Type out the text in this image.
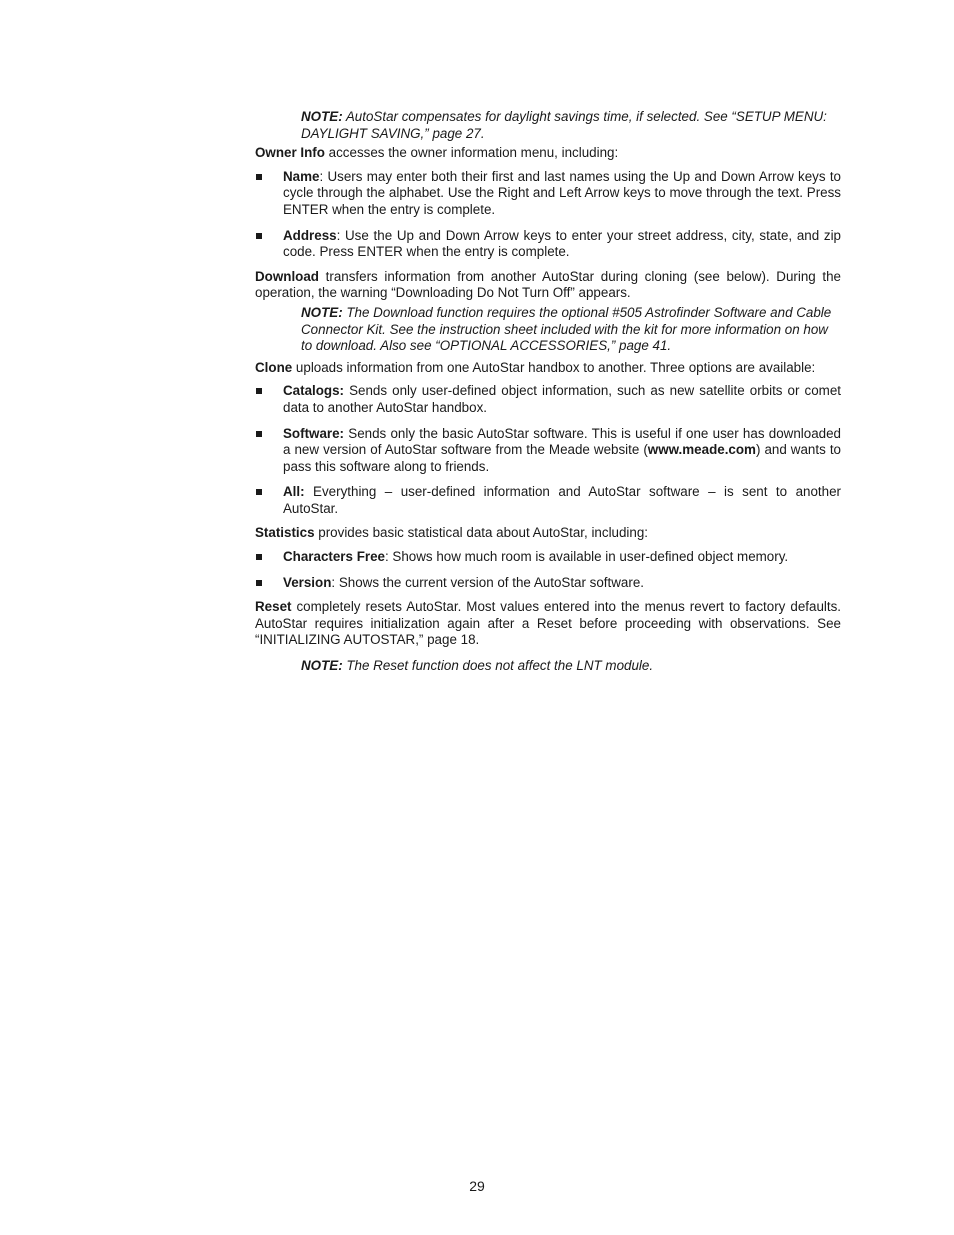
NOTE: AutoStar compensates for daylight savings time, if selected. See “SETUP MENU: DAYLIGHT SAVING,” page 27.
Owner Info accesses the owner information menu, including:
Name: Users may enter both their first and last names using the Up and Down Arrow keys to cycle through the alphabet. Use the Right and Left Arrow keys to move through the text. Press ENTER when the entry is complete.
Address: Use the Up and Down Arrow keys to enter your street address, city, state, and zip code. Press ENTER when the entry is complete.
Download transfers information from another AutoStar during cloning (see below). During the operation, the warning “Downloading Do Not Turn Off” appears.
NOTE: The Download function requires the optional #505 Astrofinder Software and Cable Connector Kit. See the instruction sheet included with the kit for more information on how to download. Also see “OPTIONAL ACCESSORIES,” page 41.
Clone uploads information from one AutoStar handbox to another. Three options are available:
Catalogs: Sends only user-defined object information, such as new satellite orbits or comet data to another AutoStar handbox.
Software: Sends only the basic AutoStar software. This is useful if one user has downloaded a new version of AutoStar software from the Meade website (www.meade.com) and wants to pass this software along to friends.
All: Everything – user-defined information and AutoStar software – is sent to another AutoStar.
Statistics provides basic statistical data about AutoStar, including:
Characters Free: Shows how much room is available in user-defined object memory.
Version: Shows the current version of the AutoStar software.
Reset completely resets AutoStar. Most values entered into the menus revert to factory defaults. AutoStar requires initialization again after a Reset before proceeding with observations. See “INITIALIZING AUTOSTAR,” page 18.
NOTE: The Reset function does not affect the LNT module.
29
